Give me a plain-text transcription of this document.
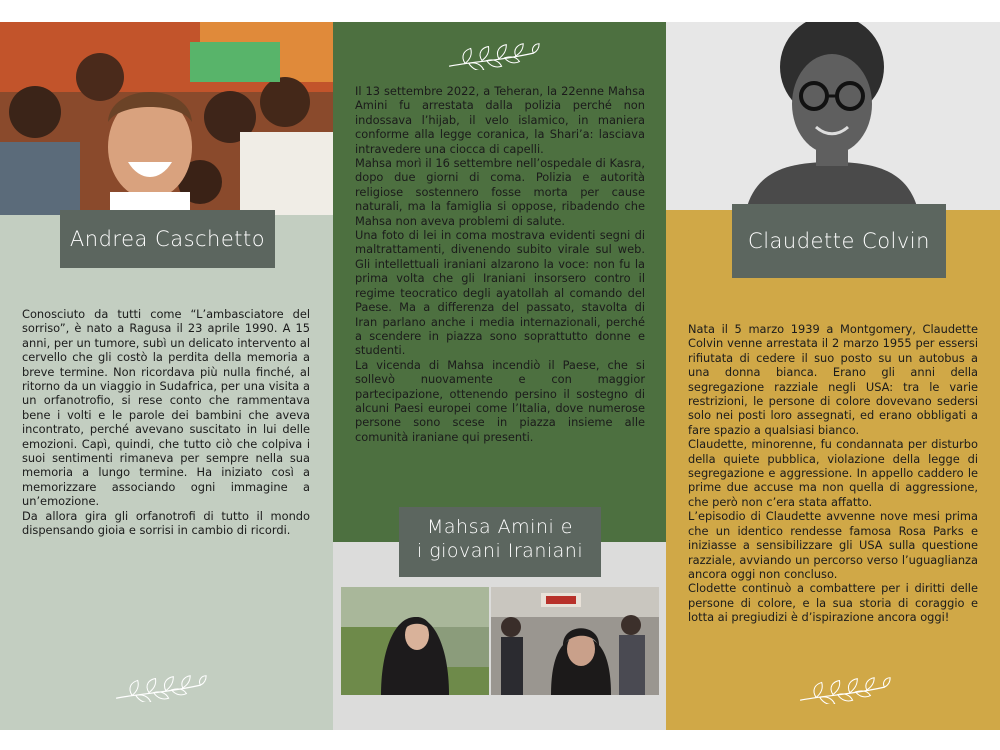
Andrea Caschetto

Conosciuto da tutti come “L’ambasciatore del sorriso”, è nato a Ragusa il 23 aprile 1990. A 15 anni, per un tumore, subì un delicato intervento al cervello che gli costò la perdita della memoria a breve termine. Non ricordava più nulla finché, al ritorno da un viaggio in Sudafrica, per una visita a un orfanotrofio, si rese conto che rammentava bene i volti e le parole dei bambini che aveva incontrato, perché avevano suscitato in lui delle emozioni. Capì, quindi, che tutto ciò che colpiva i suoi sentimenti rimaneva per sempre nella sua memoria a lungo termine. Ha iniziato così a memorizzare associando ogni immagine a un’emozione.

Da allora gira gli orfanotrofi di tutto il mondo dispensando gioia e sorrisi in cambio di ricordi.

Il 13 settembre 2022, a Teheran, la 22enne Mahsa Amini fu arrestata dalla polizia perché non indossava l’hijab, il velo islamico, in maniera conforme alla legge coranica, la Shari’a: lasciava intravedere una ciocca di capelli.

Mahsa morì il 16 settembre nell’ospedale di Kasra, dopo due giorni di coma. Polizia e autorità religiose sostennero fosse morta per cause naturali, ma la famiglia si oppose, ribadendo che Mahsa non aveva problemi di salute.

Una foto di lei in coma mostrava evidenti segni di maltrattamenti, divenendo subito virale sul web. Gli intellettuali iraniani alzarono la voce: non fu la prima volta che gli Iraniani insorsero contro il regime teocratico degli ayatollah al comando del Paese. Ma a differenza del passato, stavolta di Iran parlano anche i media internazionali, perché a scendere in piazza sono soprattutto donne e studenti.

La vicenda di Mahsa incendiò il Paese, che si sollevò nuovamente e con maggior partecipazione, ottenendo persino il sostegno di alcuni Paesi europei come l’Italia, dove numerose persone sono scese in piazza insieme alle comunità iraniane qui presenti.

Mahsa Amini e
i giovani Iraniani
Claudette Colvin

Nata il 5 marzo 1939 a Montgomery, Claudette Colvin venne arrestata il 2 marzo 1955 per essersi rifiutata di cedere il suo posto su un autobus a una donna bianca. Erano gli anni della segregazione razziale negli USA: tra le varie restrizioni, le persone di colore dovevano sedersi solo nei posti loro assegnati, ed erano obbligati a fare spazio a qualsiasi bianco.

Claudette, minorenne, fu condannata per disturbo della quiete pubblica, violazione della legge di segregazione e aggressione. In appello caddero le prime due accuse ma non quella di aggressione, che però non c’era stata affatto.

L’episodio di Claudette avvenne nove mesi prima che un identico rendesse famosa Rosa Parks e iniziasse a sensibilizzare gli USA sulla questione razziale, avviando un percorso verso l’uguaglianza ancora oggi non concluso.

Clodette continuò a combattere per i diritti delle persone di colore, e la sua storia di coraggio e lotta ai pregiudizi è d’ispirazione ancora oggi!
